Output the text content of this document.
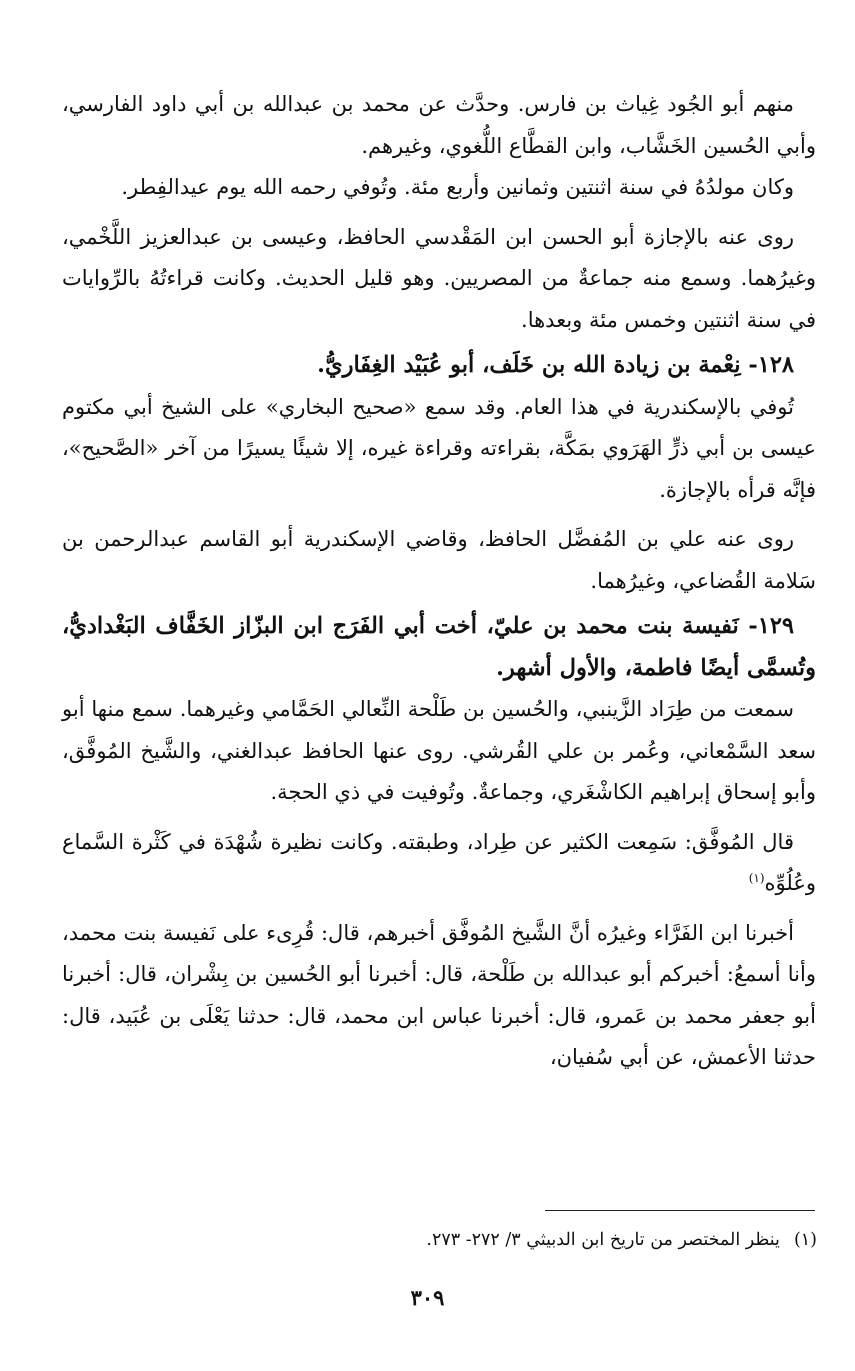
منهم أبو الجُود غِياث بن فارس. وحدَّث عن محمد بن عبدالله بن أبي داود الفارسي، وأبي الحُسين الخَشَّاب، وابن القطَّاع اللُّغوي، وغيرهم.

وكان مولدُهُ في سنة اثنتين وثمانين وأربع مئة. وتُوفي رحمه الله يوم عيدالفِطر.

روى عنه بالإجازة أبو الحسن ابن المَقْدسي الحافظ، وعيسى بن عبدالعزيز اللَّخْمي، وغيرُهما. وسمع منه جماعةٌ من المصريين. وهو قليل الحديث. وكانت قراءتُهُ بالرِّوايات في سنة اثنتين وخمس مئة وبعدها.

١٢٨- نِعْمة بن زيادة الله بن خَلَف، أبو عُبَيْد الغِفَاريُّ.

تُوفي بالإسكندرية في هذا العام. وقد سمع «صحيح البخاري» على الشيخ أبي مكتوم عيسى بن أبي ذرٍّ الهَرَوي بمَكَّة، بقراءته وقراءة غيره، إلا شيئًا يسيرًا من آخر «الصَّحيح»، فإنَّه قرأه بالإجازة.

روى عنه علي بن المُفضَّل الحافظ، وقاضي الإسكندرية أبو القاسم عبدالرحمن بن سَلامة القُضاعي، وغيرُهما.

١٢٩- نَفيسة بنت محمد بن عليّ، أخت أبي الفَرَج ابن البزّاز الخَفَّاف البَغْداديُّ، وتُسمَّى أيضًا فاطمة، والأول أشهر.

سمعت من طِرَاد الزَّينبي، والحُسين بن طَلْحة النِّعالي الحَمَّامي وغيرهما. سمع منها أبو سعد السَّمْعاني، وعُمر بن علي القُرشي. روى عنها الحافظ عبدالغني، والشَّيخ المُوفَّق، وأبو إسحاق إبراهيم الكاشْغَري، وجماعةٌ. وتُوفيت في ذي الحجة.

قال المُوفَّق: سَمِعت الكثير عن طِراد، وطبقته. وكانت نظيرة شُهْدَة في كَثْرة السَّماع وعُلُوِّه$^{(١)}$

أخبرنا ابن الفَرَّاء وغيرُه أنَّ الشَّيخ المُوفَّق أخبرهم، قال: قُرِىء على نَفيسة بنت محمد، وأنا أسمعُ: أخبركم أبو عبدالله بن طَلْحة، قال: أخبرنا أبو الحُسين بن بِشْران، قال: أخبرنا أبو جعفر محمد بن عَمرو، قال: أخبرنا عباس ابن محمد، قال: حدثنا يَعْلَى بن عُبَيد، قال: حدثنا الأعمش، عن أبي سُفيان،

(١)ينظر المختصر من تاريخ ابن الدبيثي ٣/ ٢٧٢- ٢٧٣.

٣٠٩
